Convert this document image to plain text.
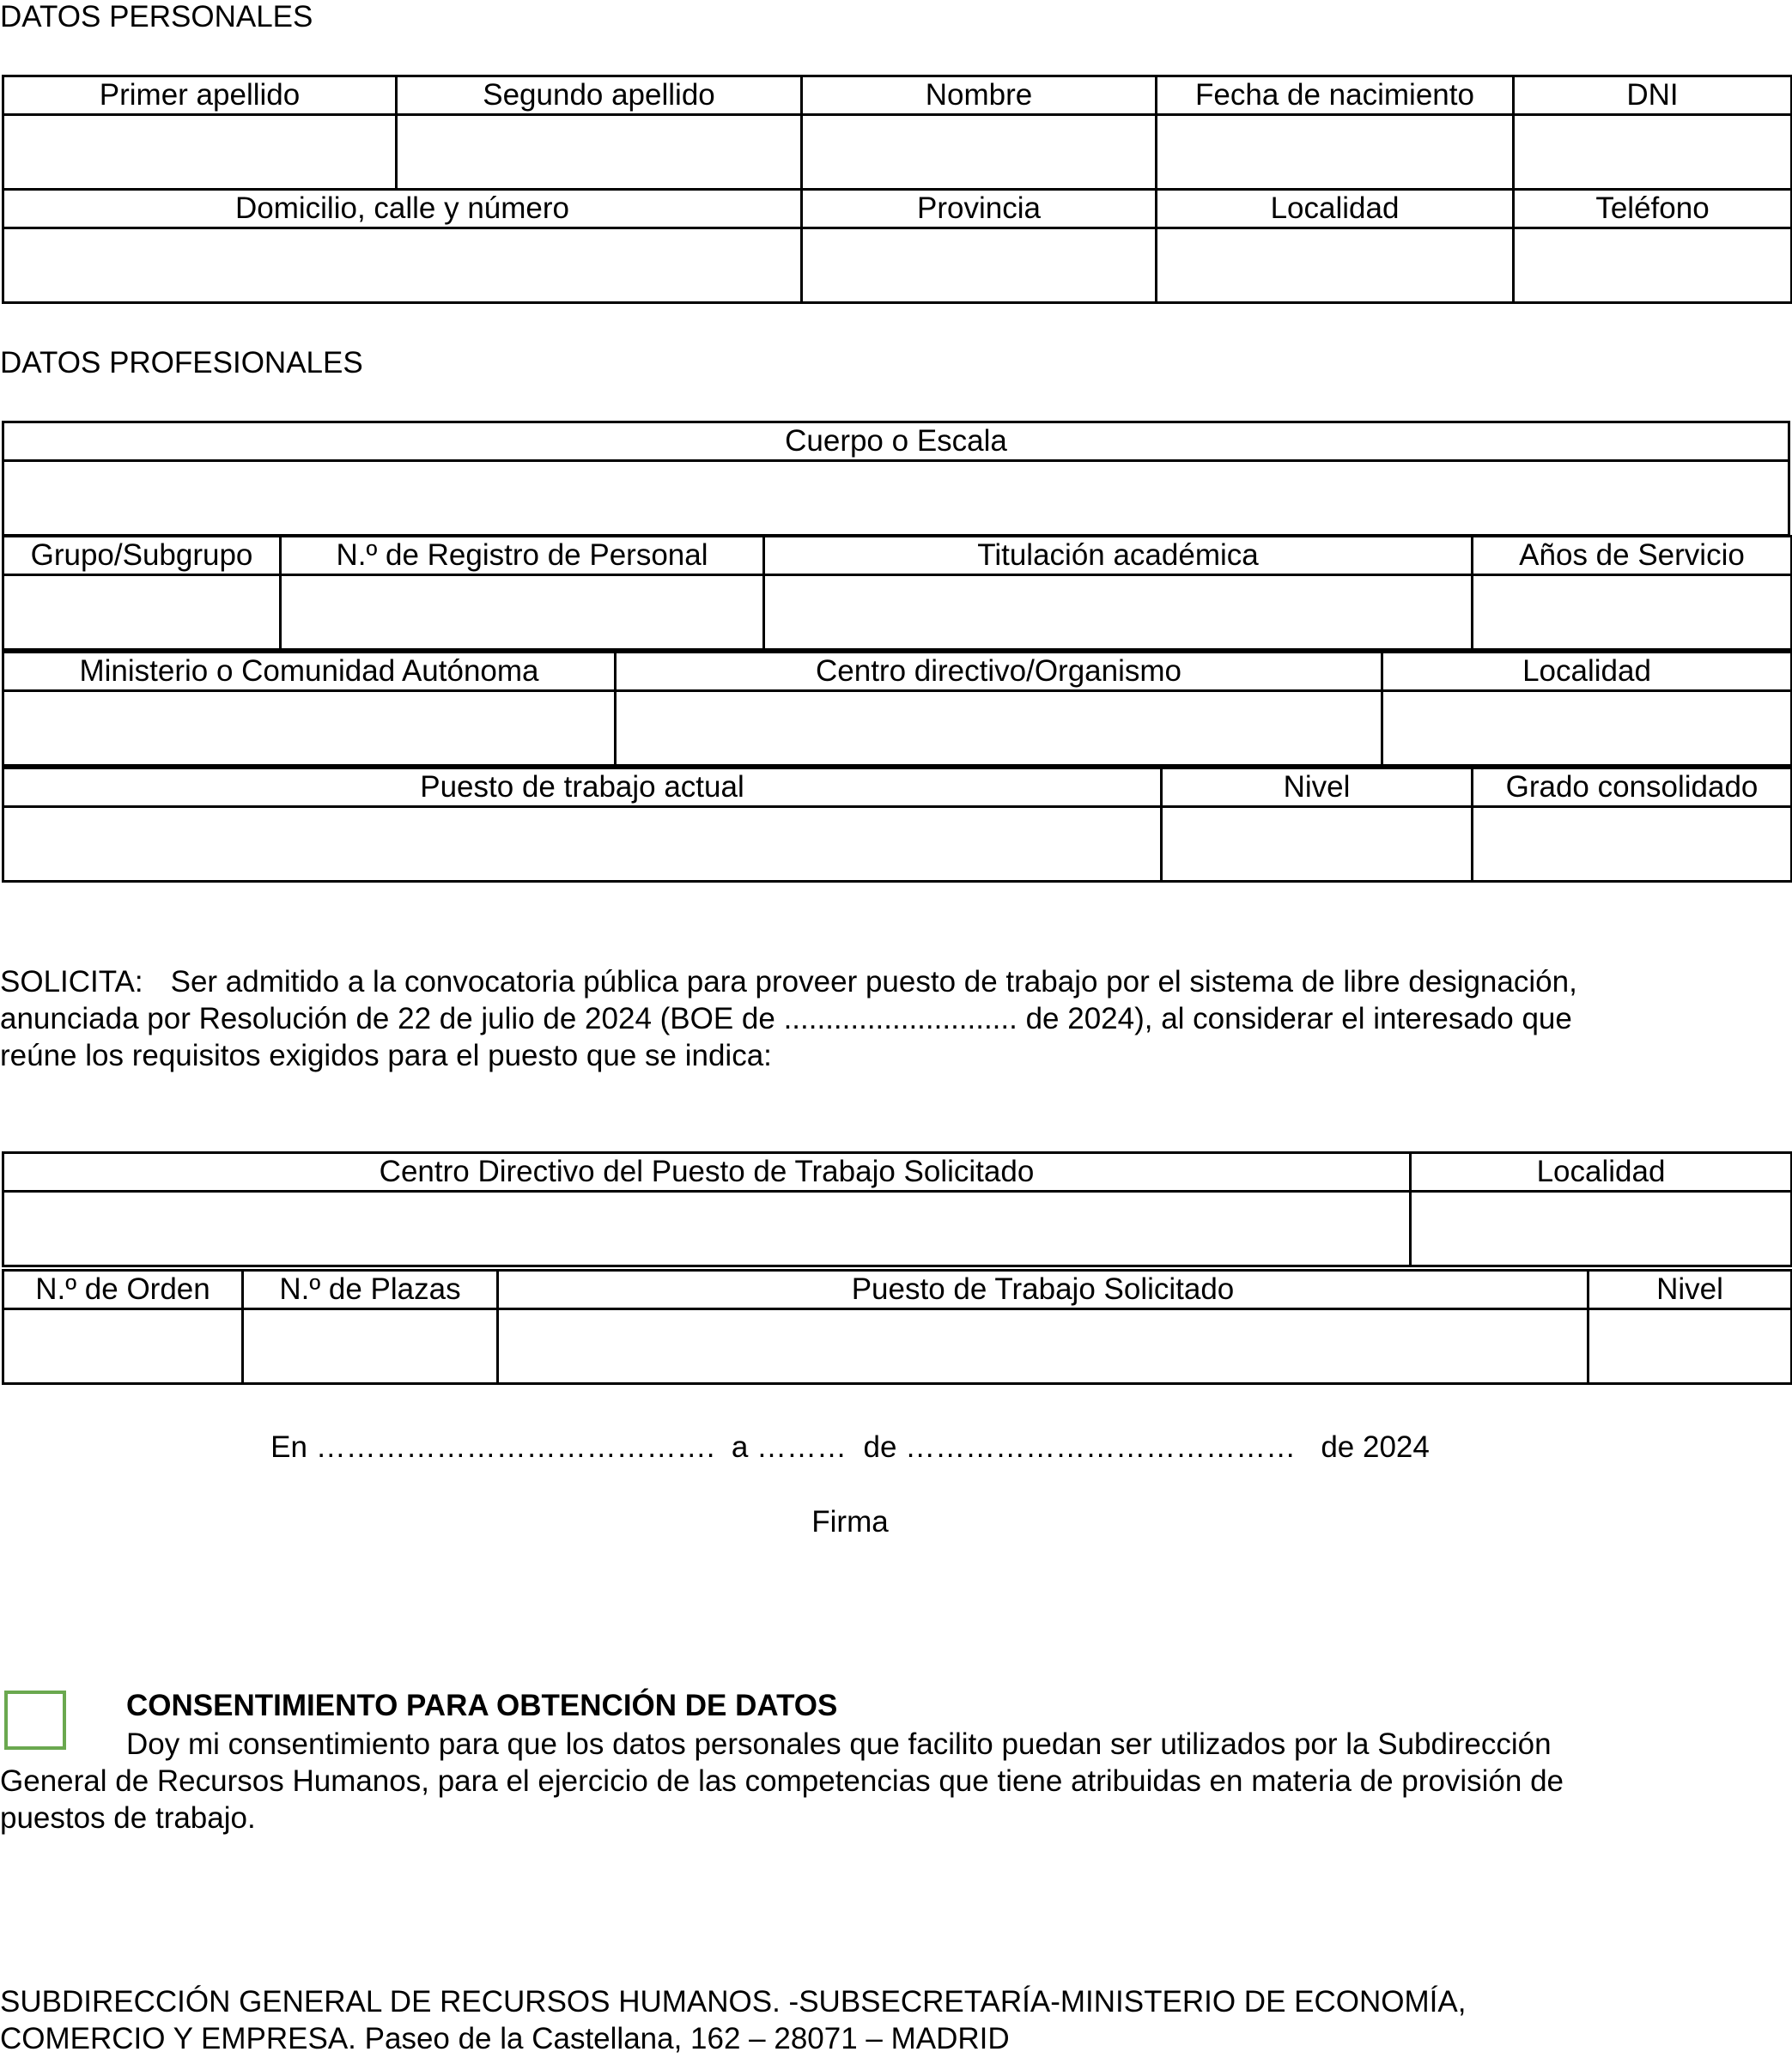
DATOS PERSONALES
Primer apellido	Segundo apellido	Nombre	Fecha de nacimiento	DNI

Domicilio, calle y número		Provincia	Localidad	Teléfono

DATOS PROFESIONALES
Cuerpo o Escala

Grupo/Subgrupo	N.º de Registro de Personal	Titulación académica	Años de Servicio

Ministerio o Comunidad Autónoma	Centro directivo/Organismo	Localidad

Puesto de trabajo actual	Nivel	Grado consolidado

SOLICITA: Ser admitido a la convocatoria pública para proveer puesto de trabajo por el sistema de libre designación,
anunciada por Resolución de 22 de julio de 2024 (BOE de ............................ de 2024), al considerar el interesado que
reúne los requisitos exigidos para el puesto que se indica:
Centro Directivo del Puesto de Trabajo Solicitado	Localidad

N.º de Orden	N.º de Plazas	Puesto de Trabajo Solicitado	Nivel

En ………………………………….  a ………  de …………………………………   de 2024
Firma
CONSENTIMIENTO PARA OBTENCIÓN DE DATOS
Doy mi consentimiento para que los datos personales que facilito puedan ser utilizados por la Subdirección
General de Recursos Humanos, para el ejercicio de las competencias que tiene atribuidas en materia de provisión de
puestos de trabajo.
SUBDIRECCIÓN GENERAL DE RECURSOS HUMANOS. -SUBSECRETARÍA-MINISTERIO DE ECONOMÍA,
COMERCIO Y EMPRESA. Paseo de la Castellana, 162 – 28071 – MADRID
